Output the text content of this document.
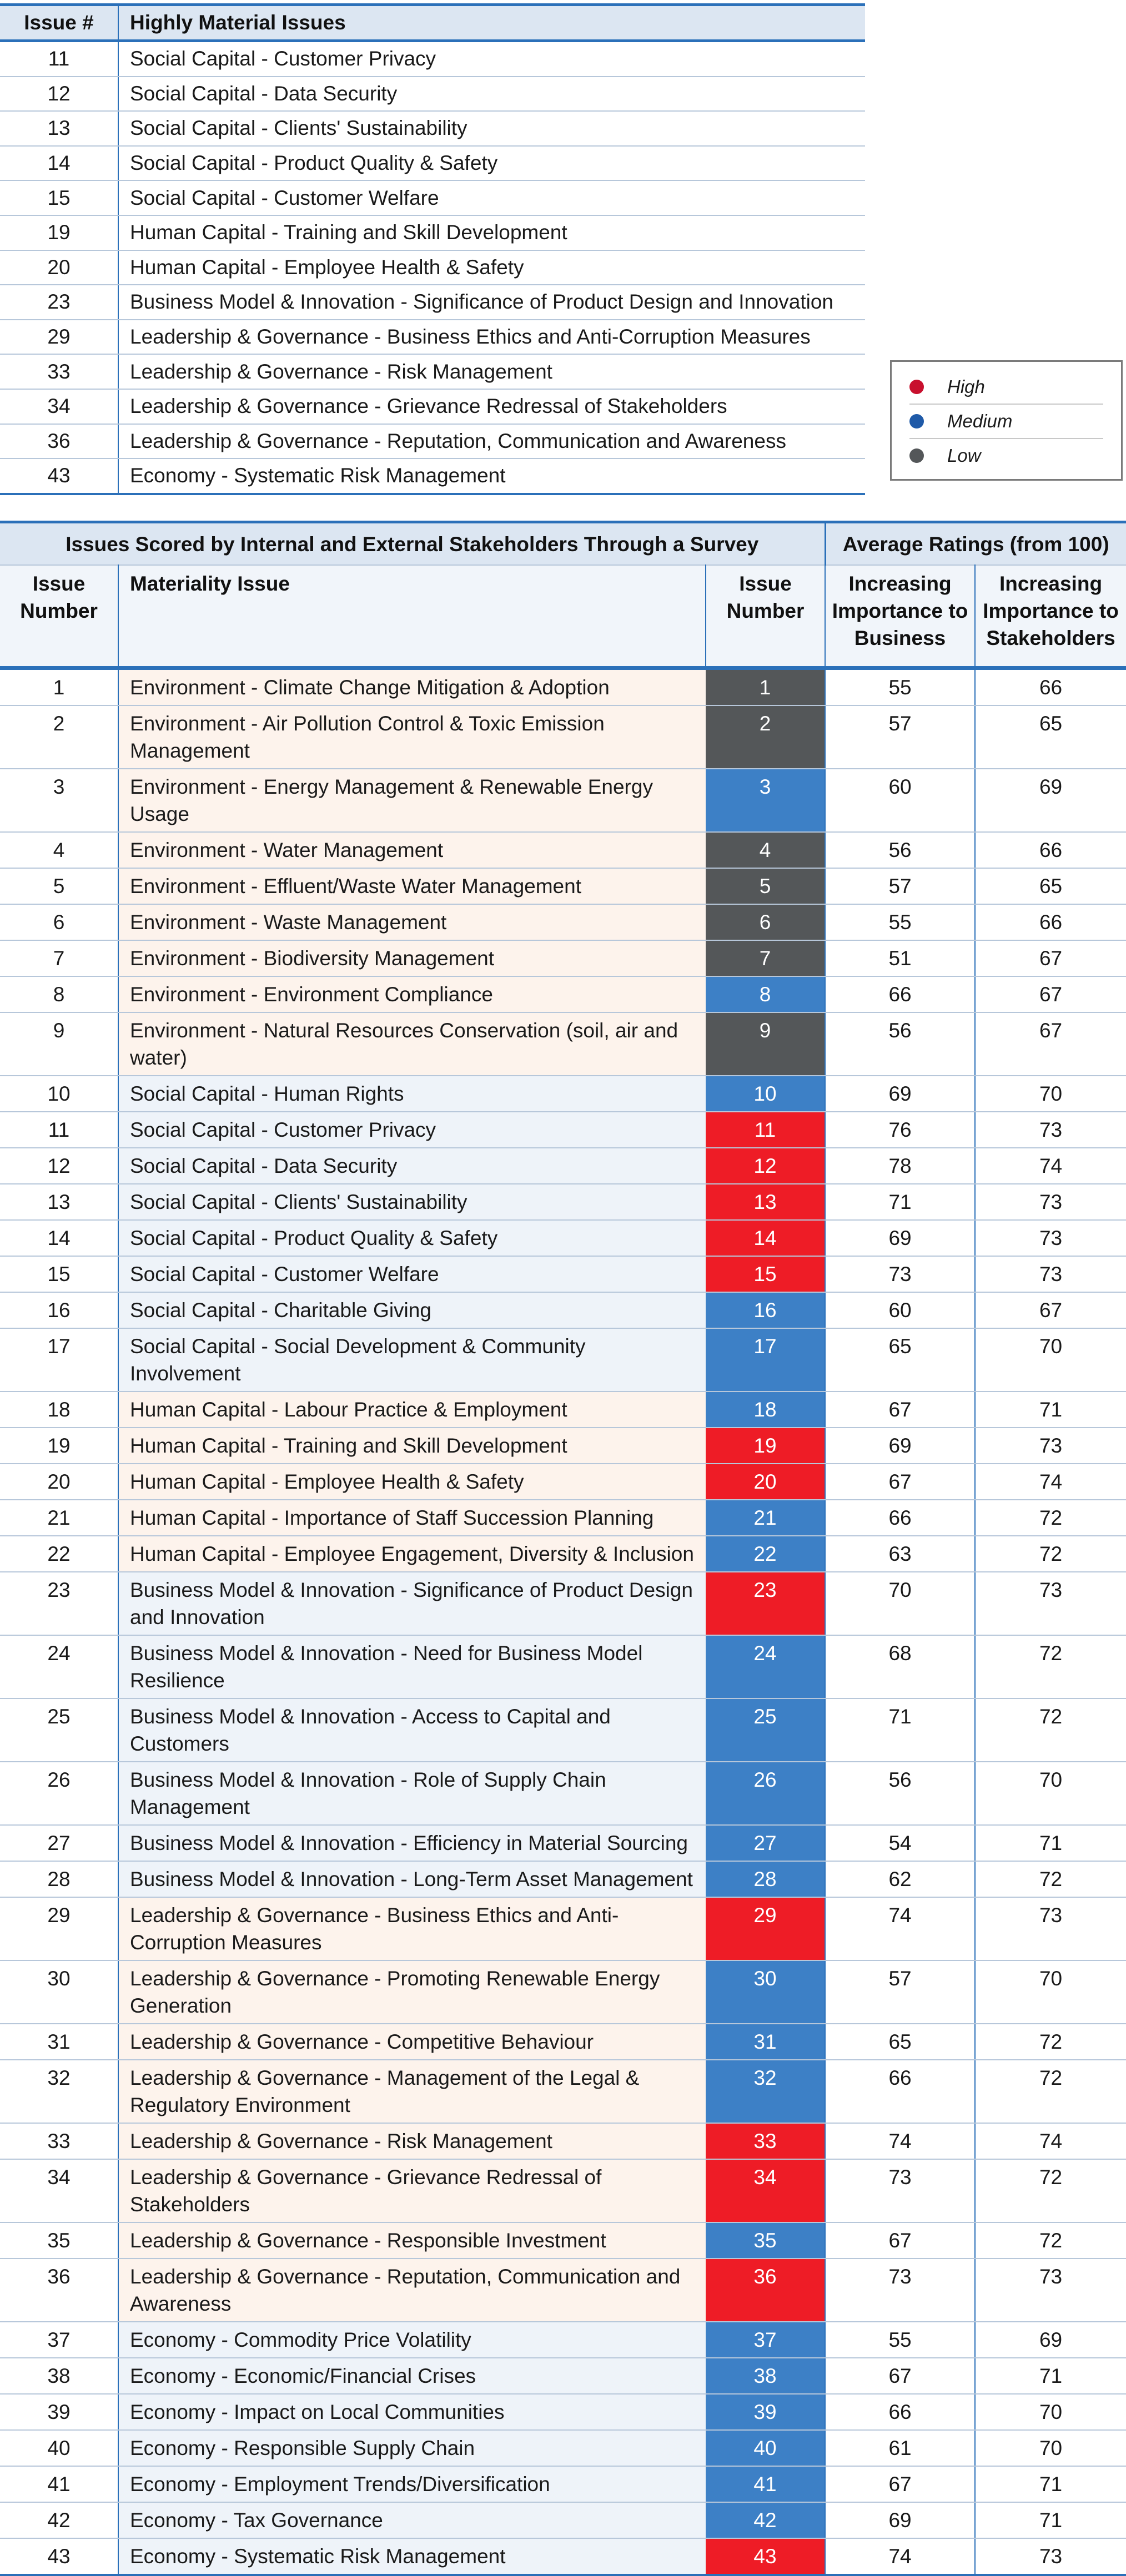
Issue #	Highly Material Issues
11	Social Capital - Customer Privacy
12	Social Capital - Data Security
13	Social Capital - Clients' Sustainability
14	Social Capital - Product Quality & Safety
15	Social Capital - Customer Welfare
19	Human Capital - Training and Skill Development
20	Human Capital - Employee Health & Safety
23	Business Model & Innovation - Significance of Product Design and Innovation
29	Leadership & Governance - Business Ethics and Anti-Corruption Measures
33	Leadership & Governance - Risk Management
34	Leadership & Governance - Grievance Redressal of Stakeholders
36	Leadership & Governance - Reputation, Communication and Awareness
43	Economy - Systematic Risk Management
High
Medium
Low
Issues Scored by Internal and External Stakeholders Through a Survey			Average Ratings (from 100)	
Issue Number	Materiality Issue	Issue Number	Increasing Importance to Business	Increasing Importance to Stakeholders
1	Environment - Climate Change Mitigation & Adoption	1	55	66
2	Environment - Air Pollution Control & Toxic Emission Management	2	57	65
3	Environment - Energy Management & Renewable Energy Usage	3	60	69
4	Environment - Water Management	4	56	66
5	Environment - Effluent/Waste Water Management	5	57	65
6	Environment - Waste Management	6	55	66
7	Environment - Biodiversity Management	7	51	67
8	Environment - Environment Compliance	8	66	67
9	Environment - Natural Resources Conservation (soil, air and water)	9	56	67
10	Social Capital - Human Rights	10	69	70
11	Social Capital - Customer Privacy	11	76	73
12	Social Capital - Data Security	12	78	74
13	Social Capital - Clients' Sustainability	13	71	73
14	Social Capital - Product Quality & Safety	14	69	73
15	Social Capital - Customer Welfare	15	73	73
16	Social Capital - Charitable Giving	16	60	67
17	Social Capital - Social Development & Community Involvement	17	65	70
18	Human Capital - Labour Practice & Employment	18	67	71
19	Human Capital - Training and Skill Development	19	69	73
20	Human Capital - Employee Health & Safety	20	67	74
21	Human Capital - Importance of Staff Succession Planning	21	66	72
22	Human Capital - Employee Engagement, Diversity & Inclusion	22	63	72
23	Business Model & Innovation - Significance of Product Design and Innovation	23	70	73
24	Business Model & Innovation - Need for Business Model Resilience	24	68	72
25	Business Model & Innovation - Access to Capital and Customers	25	71	72
26	Business Model & Innovation - Role of Supply Chain Management	26	56	70
27	Business Model & Innovation - Efficiency in Material Sourcing	27	54	71
28	Business Model & Innovation - Long-Term Asset Management	28	62	72
29	Leadership & Governance - Business Ethics and Anti-Corruption Measures	29	74	73
30	Leadership & Governance - Promoting Renewable Energy Generation	30	57	70
31	Leadership & Governance - Competitive Behaviour	31	65	72
32	Leadership & Governance - Management of the Legal & Regulatory Environment	32	66	72
33	Leadership & Governance - Risk Management	33	74	74
34	Leadership & Governance - Grievance Redressal of Stakeholders	34	73	72
35	Leadership & Governance - Responsible Investment	35	67	72
36	Leadership & Governance - Reputation, Communication and Awareness	36	73	73
37	Economy - Commodity Price Volatility	37	55	69
38	Economy - Economic/Financial Crises	38	67	71
39	Economy - Impact on Local Communities	39	66	70
40	Economy - Responsible Supply Chain	40	61	70
41	Economy - Employment Trends/Diversification	41	67	71
42	Economy - Tax Governance	42	69	71
43	Economy - Systematic Risk Management	43	74	73
